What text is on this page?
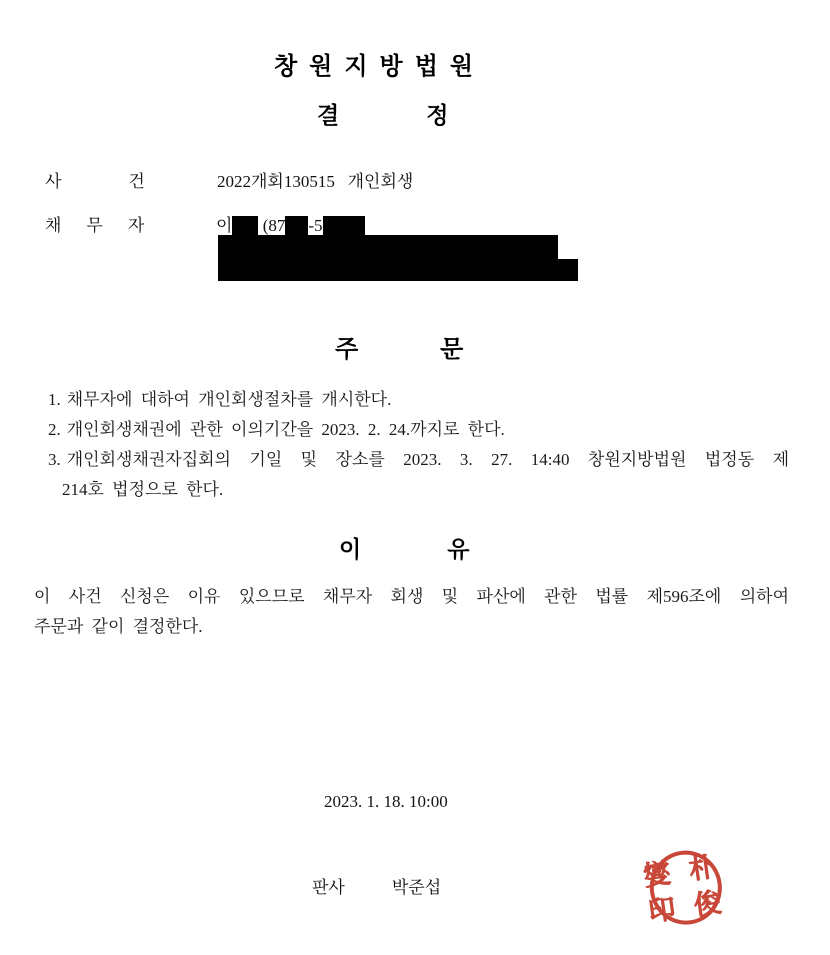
창원지방법원
결정
사건 2022개회130515   개인회생
채무자	이 (87 -5
주문
1. 채무자에 대하여 개인회생절차를 개시한다.
2. 개인회생채권에 관한 이의기간을 2023. 2. 24.까지로 한다.
3. 개인회생채권자집회의 기일 및 장소를 2023. 3. 27. 14:40 창원지방법원 법정동 제
214호 법정으로 한다.
이유
이 사건 신청은 이유 있으므로 채무자 회생 및 파산에 관한 법률 제596조에 의하여
주문과 같이 결정한다.
2023. 1. 18. 10:00
판사	박준섭	燮 朴
印 俊
